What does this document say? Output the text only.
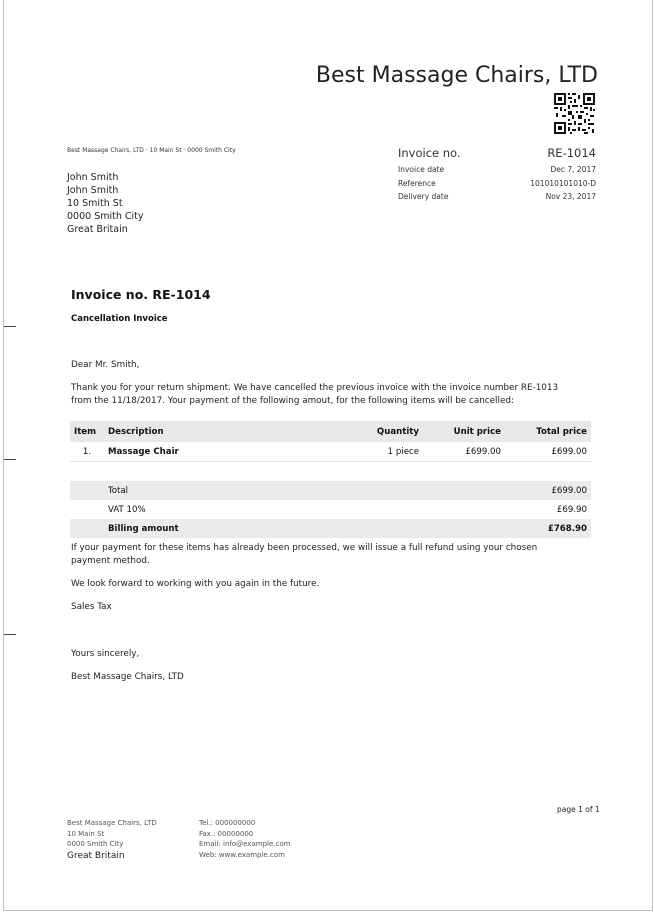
Best Massage Chairs, LTD
Best Massage Chairs, LTD · 10 Main St · 0000 Smith City
John Smith
John Smith
10 Smith St
0000 Smith City
Great Britain
Invoice no.	RE-1014
Invoice date	Dec 7, 2017
Reference	101010101010-D
Delivery date	Nov 23, 2017
Invoice no. RE-1014
Cancellation Invoice
Dear Mr. Smith,
Thank you for your return shipment. We have cancelled the previous invoice with the invoice number RE-1013 from the 11/18/2017. Your payment of the following amout, for the following items will be cancelled:
Item	Description	Quantity	Unit price	Total price
1.	Massage Chair	1 piece	£699.00	£699.00

	Total			£699.00
	VAT 10%			£69.90
	Billing amount			£768.90
If your payment for these items has already been processed, we will issue a full refund using your chosen payment method.
We look forward to working with you again in the future.
Sales Tax
Yours sincerely,
Best Massage Chairs, LTD
page 1 of 1
Best Massage Chairs, LTD
10 Main St
0000 Smith City
Great Britain
Tel.: 000000000
Fax.: 00000000
Email: info@example.com
Web: www.example.com
